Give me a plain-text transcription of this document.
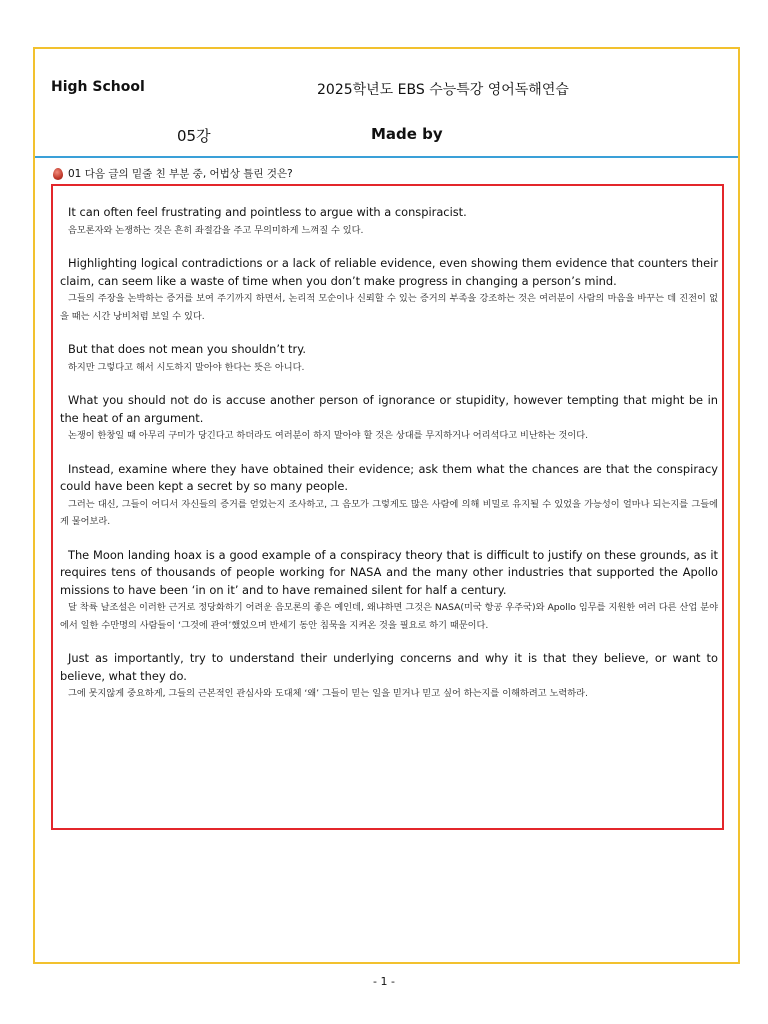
High School	2025학년도 EBS 수능특강 영어독해연습
05강	Made by
01 다음 글의 밑줄 친 부분 중, 어법상 틀린 것은?

It can often feel frustrating and pointless to argue with a conspiracist.

음모론자와 논쟁하는 것은 흔히 좌절감을 주고 무의미하게 느껴질 수 있다.

Highlighting logical contradictions or a lack of reliable evidence, even showing them evidence that counters their claim, can seem like a waste of time when you don’t make progress in changing a person’s mind.

그들의 주장을 논박하는 증거를 보여 주기까지 하면서, 논리적 모순이나 신뢰할 수 있는 증거의 부족을 강조하는 것은 여러분이 사람의 마음을 바꾸는 데 진전이 없을 때는 시간 낭비처럼 보일 수 있다.

But that does not mean you shouldn’t try.

하지만 그렇다고 해서 시도하지 말아야 한다는 뜻은 아니다.

What you should not do is accuse another person of ignorance or stupidity, however tempting that might be in the heat of an argument.

논쟁이 한창일 때 아무리 구미가 당긴다고 하더라도 여러분이 하지 말아야 할 것은 상대를 무지하거나 어리석다고 비난하는 것이다.

Instead, examine where they have obtained their evidence; ask them what the chances are that the conspiracy could have been kept a secret by so many people.

그러는 대신, 그들이 어디서 자신들의 증거를 얻었는지 조사하고, 그 음모가 그렇게도 많은 사람에 의해 비밀로 유지될 수 있었을 가능성이 얼마나 되는지를 그들에게 물어보라.

The Moon landing hoax is a good example of a conspiracy theory that is difficult to justify on these grounds, as it requires tens of thousands of people working for NASA and the many other industries that supported the Apollo missions to have been ‘in on it’ and to have remained silent for half a century.

달 착륙 날조설은 이러한 근거로 정당화하기 어려운 음모론의 좋은 예인데, 왜냐하면 그것은 NASA(미국 항공 우주국)와 Apollo 임무를 지원한 여러 다른 산업 분야에서 일한 수만명의 사람들이 ‘그것에 관여’했었으며 반세기 동안 침묵을 지켜온 것을 필요로 하기 때문이다.

Just as importantly, try to understand their underlying concerns and why it is that they believe, or want to believe, what they do.

그에 못지않게 중요하게, 그들의 근본적인 관심사와 도대체 ‘왜’ 그들이 믿는 일을 믿거나 믿고 싶어 하는지를 이해하려고 노력하라.

- 1 -
